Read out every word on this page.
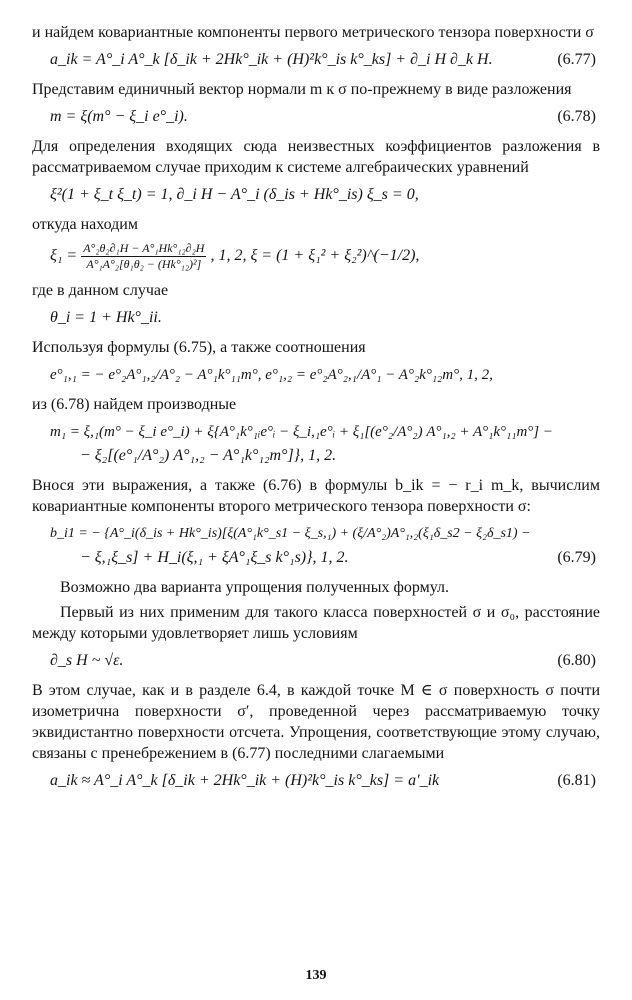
и найдем ковариантные компоненты первого метрического тензора поверхности σ

a_ik = A°_i A°_k [δ_ik + 2Hk°_ik + (H)²k°_is k°_ks] + ∂_i H ∂_k H.	(6.77)

Представим единичный вектор нормали m к σ по-прежнему в виде разложения

m = ξ(m° − ξ_i e°_i).	(6.78)

Для определения входящих сюда неизвестных коэффициентов разложения в рассматриваемом случае приходим к системе алгебраических уравнений

ξ²(1 + ξ_t ξ_t) = 1, ∂_i H − A°_i (δ_is + Hk°_is) ξ_s = 0,

откуда находим

$\xi_1 = \frac{\text{A°₂θ₂∂₁H − A°₁Hk°₁₂∂₂H}}{\text{A°₁A°₂[θ₁θ₂ − (Hk°₁₂)²]}}$ , 1, 2, ξ = (1 + ξ₁² + ξ₂²)^(−1/2),

где в данном случае

θ_i = 1 + Hk°_ii.

Используя формулы (6.75), а также соотношения

e°₁,₁ = − e°₂A°₁,₂/A°₂ − A°₁k°₁₁m°, e°₁,₂ = e°₂A°₂,₁/A°₁ − A°₂k°₁₂m°, 1, 2,

из (6.78) найдем производные

m₁ = ξ,₁(m° − ξ_i e°_i) + ξ{A°₁k°₁ᵢe°ᵢ − ξ_i,₁e°ᵢ + ξ₁[(e°₂/A°₂) A°₁,₂ + A°₁k°₁₁m°] −
− ξ₂[(e°₁/A°₂) A°₁,₂ − A°₁k°₁₂m°]}, 1, 2.

Внося эти выражения, а также (6.76) в формулы b_ik = − r_i m_k, вычислим ковариантные компоненты второго метрического тензора поверхности σ:

b_i1 = − {A°_i(δ_is + Hk°_is)[ξ(A°₁k°_s1 − ξ_s,₁) + (ξ/A°₂)A°₁,₂(ξ₁δ_s2 − ξ₂δ_s1) −
− ξ,₁ξ_s] + H_i(ξ,₁ + ξA°₁ξ_s k°₁s)}, 1, 2.	(6.79)

Возможно два варианта упрощения полученных формул.

Первый из них применим для такого класса поверхностей σ и σ₀, расстояние между которыми удовлетворяет лишь условиям

∂_s H ~ √ε.	(6.80)

В этом случае, как и в разделе 6.4, в каждой точке M ∈ σ поверхность σ почти изометрична поверхности σ′, проведенной через рассматриваемую точку эквидистантно поверхности отсчета. Упрощения, соответствующие этому случаю, связаны с пренебрежением в (6.77) последними слагаемыми

a_ik ≈ A°_i A°_k [δ_ik + 2Hk°_ik + (H)²k°_is k°_ks] = a′_ik	(6.81)
139
